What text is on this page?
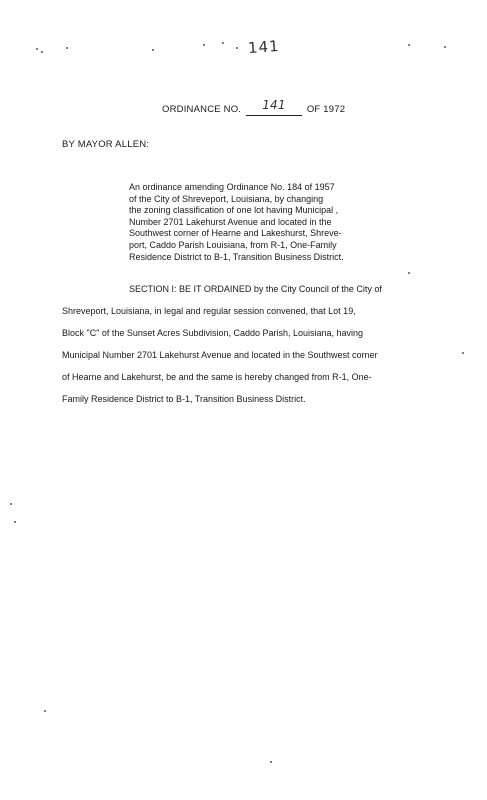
141
ORDINANCE NO. 141 OF 1972
BY MAYOR ALLEN:
An ordinance amending Ordinance No. 184 of 1957
of the City of Shreveport, Louisiana, by changing
the zoning classification of one lot having Municipal ,
Number 2701 Lakehurst Avenue and located in the
Southwest corner of Hearne and Lakeshurst, Shreve-
port, Caddo Parish Louisiana, from R-1, One-Family
Residence District to B-1, Transition Business District.
SECTION I: BE IT ORDAINED by the City Council of the City of
Shreveport, Louisiana, in legal and regular session convened, that Lot 19,
Block "C" of the Sunset Acres Subdivision, Caddo Parish, Louisiana, having
Municipal Number 2701 Lakehurst Avenue and located in the Southwest corner
of Hearne and Lakehurst, be and the same is hereby changed from R-1, One-
Family Residence District to B-1, Transition Business District.
